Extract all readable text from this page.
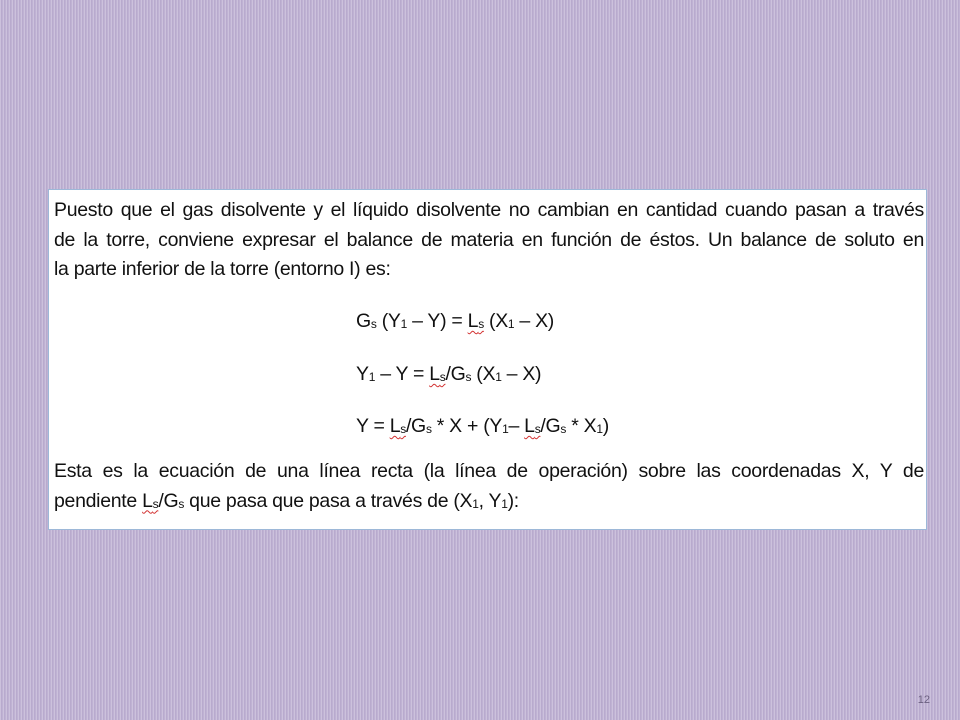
Puesto que el gas disolvente y el líquido disolvente no cambian en cantidad cuando pasan a través
de la torre, conviene expresar el balance de materia en función de éstos. Un balance de soluto en
la parte inferior de la torre (entorno I) es:
$G_s$ $(Y_1 - Y) = L_s$ $(X_1 - X)$
$Y_1 - Y = L_s/G_s$ $(X_1 - X)$
$Y = L_s/G_s * X + (Y_1-$ $L_s/G_s * X_1$)
Esta es la ecuación de una línea recta (la línea de operación) sobre las coordenadas X, Y de
pendiente $L_s/G_s$ que pasa que pasa a través de ($X_1$, $Y_1$):
12
